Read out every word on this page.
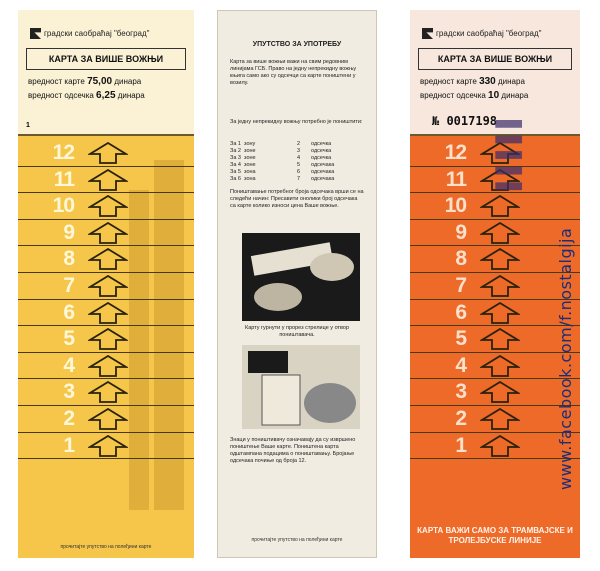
градски саобраћај "београд"
КАРТА ЗА ВИШЕ ВОЖЊИ
вредност карте 75,00 динара
вредност одсечка 6,25 динара
1
12
11
10
9
8
7
6
5
4
3
2
1
прочитајте упутство на полеђини карте
УПУТСТВО ЗА УПОТРЕБУ
Карта за више вожњи важи на свим редовним линијама ГСБ. Право на једну непрекидну вожњу књига само ако су одсечци са карте поништени у возилу.
За једну непрекидну вожњу потребно је поништити:
За 1 зону	2	одсечка
За 2 зоне	3	одсечка
За 3 зоне	4	одсечка
За 4 зоне	5	одсечака
За 5 зона	6	одсечака
За 6 зона	7	одсечака
Поништавање потребног броја одсечака врши се на следећи начин: Пресавити онолики број одсечака са карте колико износи цена Ваше вожње.
Карту гурнути у прорез стрелице у отвор поништавача.
Знаци у поништивачу означавају да су извршено поништење Ваше карте. Поништена карта одштампана подацима о поништавању. Бројање одсечака почиње од броја 12.
прочитајте упутство на полеђини карте
градски саобраћај "београд"
КАРТА ЗА ВИШЕ ВОЖЊИ
вредност карте 330 динара
вредност одсечка 10 динара
№ 0017198
12
11
10
9
8
7
6
5
4
3
2
1
▌▌▌▌▌
КАРТА ВАЖИ САМО ЗА ТРАМВАЈСКЕ И ТРОЛЕЈБУСКЕ ЛИНИЈЕ
www.facebook.com/f.nostalgija
